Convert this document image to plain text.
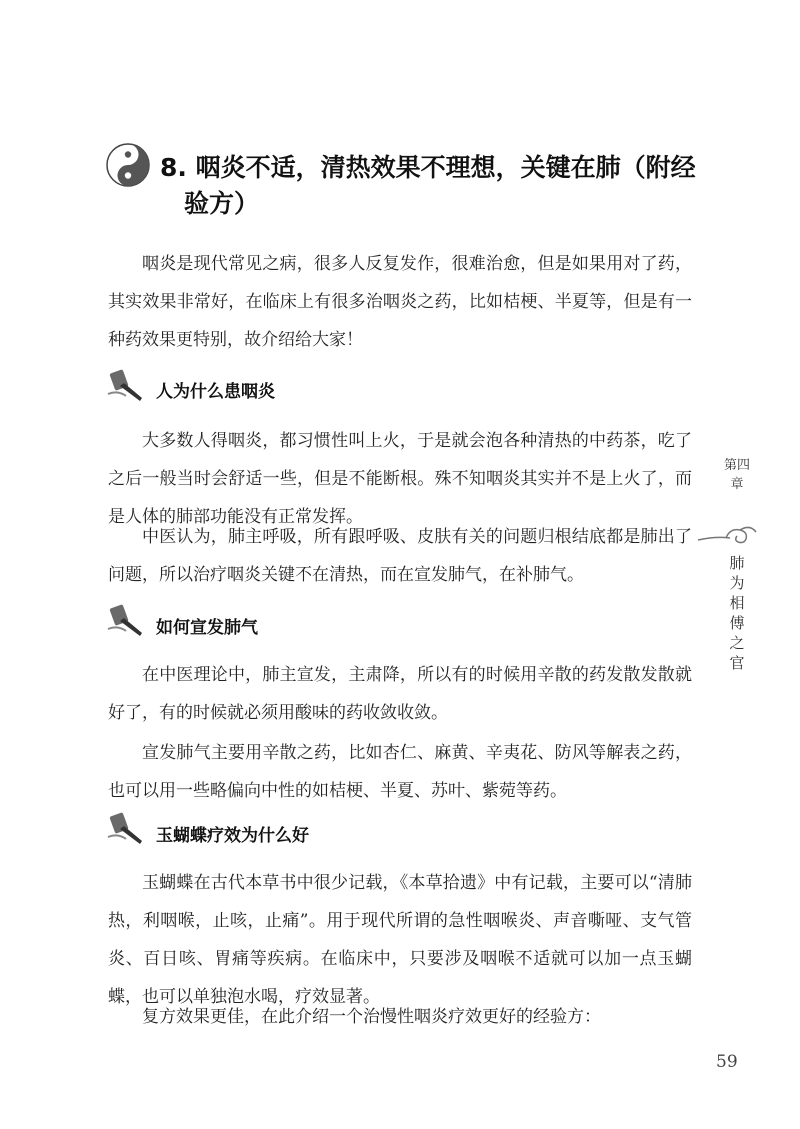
8. 咽炎不适，清热效果不理想，关键在肺（附经
验方）

咽炎是现代常见之病，很多人反复发作，很难治愈，但是如果用对了药，其实效果非常好，在临床上有很多治咽炎之药，比如桔梗、半夏等，但是有一种药效果更特别，故介绍给大家！

人为什么患咽炎

大多数人得咽炎，都习惯性叫上火，于是就会泡各种清热的中药茶，吃了之后一般当时会舒适一些，但是不能断根。殊不知咽炎其实并不是上火了，而是人体的肺部功能没有正常发挥。

中医认为，肺主呼吸，所有跟呼吸、皮肤有关的问题归根结底都是肺出了问题，所以治疗咽炎关键不在清热，而在宣发肺气，在补肺气。

如何宣发肺气

在中医理论中，肺主宣发，主肃降，所以有的时候用辛散的药发散发散就好了，有的时候就必须用酸味的药收敛收敛。

宣发肺气主要用辛散之药，比如杏仁、麻黄、辛夷花、防风等解表之药，也可以用一些略偏向中性的如桔梗、半夏、苏叶、紫菀等药。

玉蝴蝶疗效为什么好

玉蝴蝶在古代本草书中很少记载，《本草拾遗》中有记载，主要可以“清肺热，利咽喉，止咳，止痛”。用于现代所谓的急性咽喉炎、声音嘶哑、支气管炎、百日咳、胃痛等疾病。在临床中，只要涉及咽喉不适就可以加一点玉蝴蝶，也可以单独泡水喝，疗效显著。

复方效果更佳，在此介绍一个治慢性咽炎疗效更好的经验方：

第四章
肺为相傅之官
59
